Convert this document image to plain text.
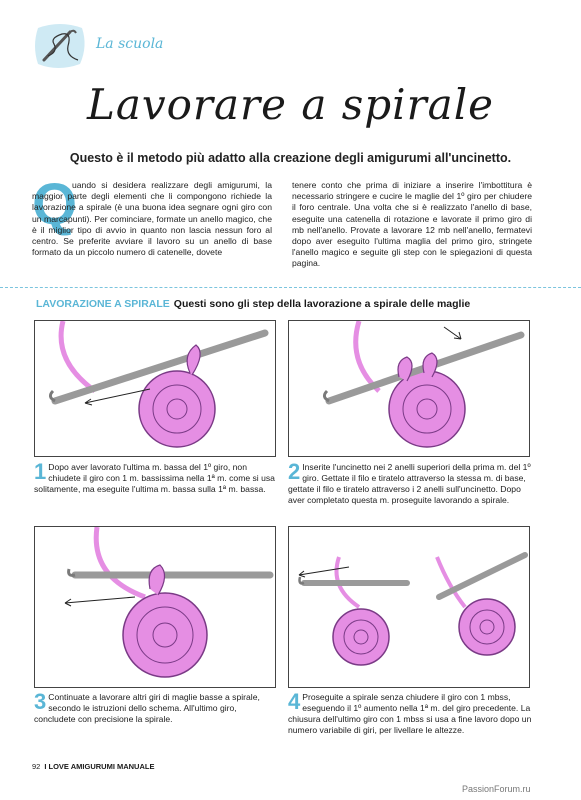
La scuola
Lavorare a spirale
Questo è il metodo più adatto alla creazione degli amigurumi all'uncinetto.
Q
uando si desidera realizzare degli amigurumi, la maggior parte degli elementi che li compongono richiede la lavorazione a spirale (è una buona idea segnare ogni giro con un marcapunti). Per cominciare, formate un anello magico, che è il miglior tipo di avvio in quanto non lascia nessun foro al centro. Se preferite avviare il lavoro su un anello di base formato da un piccolo numero di catenelle, dovete
tenere conto che prima di iniziare a inserire l'imbottitura è necessario stringere e cucire le maglie del 1º giro per chiudere il foro centrale. Una volta che si è realizzato l'anello di base, eseguite una catenella di rotazione e lavorate il primo giro di mb nell'anello. Provate a lavorare 12 mb nell'anello, fermatevi dopo aver eseguito l'ultima maglia del primo giro, stringete l'anello magico e seguite gli step con le spiegazioni di questa pagina.
LAVORAZIONE A SPIRALE Questi sono gli step della lavorazione a spirale delle maglie
1 Dopo aver lavorato l'ultima m. bassa del 1º giro, non chiudete il giro con 1 m. bassissima nella 1ª m. come si usa solitamente, ma eseguite l'ultima m. bassa sulla 1ª m. bassa.
2 Inserite l'uncinetto nei 2 anelli superiori della prima m. del 1º giro. Gettate il filo e tiratelo attraverso la stessa m. di base, gettate il filo e tiratelo attraverso i 2 anelli sull'uncinetto. Dopo aver completato questa m. proseguite lavorando a spirale.
3 Continuate a lavorare altri giri di maglie basse a spirale, secondo le istruzioni dello schema. All'ultimo giro, concludete con precisione la spirale.
4 Proseguite a spirale senza chiudere il giro con 1 mbss, eseguendo il 1º aumento nella 1ª m. del giro precedente. La chiusura dell'ultimo giro con 1 mbss si usa a fine lavoro dopo un numero variabile di giri, per livellare le altezze.
92 I LOVE AMIGURUMI MANUALE
PassionForum.ru
